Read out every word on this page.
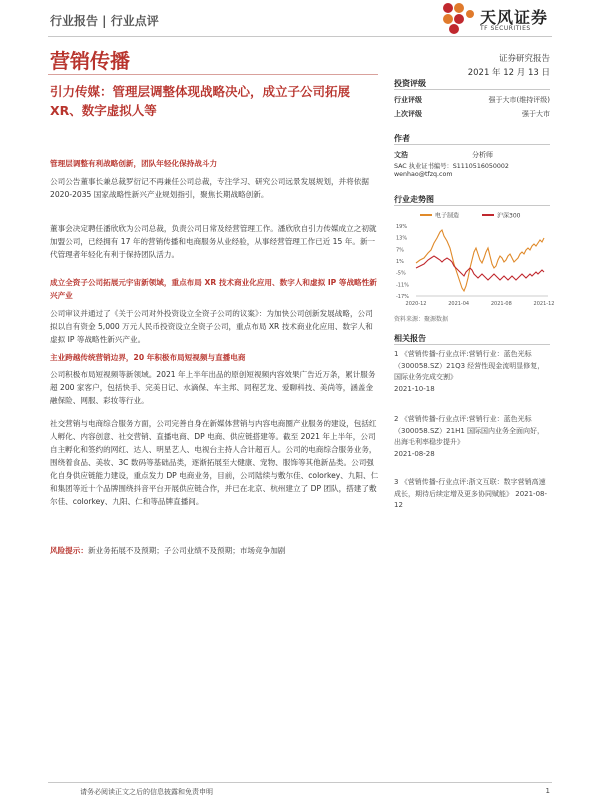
行业报告 | 行业点评	天风证券
TF SECURITIES
营销传播	证券研究报告
2021 年 12 月 13 日
引力传媒：管理层调整体现战略决心，成立子公司拓展 XR、数字虚拟人等
投资评级
行业评级	强于大市(维持评级)
上次评级	强于大市
作者
文浩	分析师
SAC 执业证书编号：S1110516050002
wenhao@tfzq.com
行业走势图
电子制造	沪深300
19%
13%
7%
1%
-5%
-11%
-17%
2020-12	2021-04	2021-08	2021-12
资料来源：聚源数据
相关报告
1 《营销传播-行业点评:营销行业：蓝色光标（300058.SZ）21Q3 经营性现金流明显修复，国际业务完成交割》
2021-10-18
2 《营销传播-行业点评:营销行业：蓝色光标（300058.SZ）21H1 国际国内业务全面向好，出海毛利率稳步提升》
2021-08-28
3 《营销传播-行业点评:浙文互联：数字营销高速成长，期待后续定增及更多协同赋能》 2021-08-12
管理层调整有利战略创新，团队年轻化保持战斗力

公司公告董事长兼总裁罗衍记不再兼任公司总裁，专注学习、研究公司远景发展规划，并将依据 2020-2035 国家战略性新兴产业规划指引，聚焦长期战略创新。

董事会决定聘任潘欣欣为公司总裁，负责公司日常及经营管理工作。潘欣欣自引力传媒成立之初就加盟公司，已经拥有 17 年的营销传播和电商服务从业经验，从事经营管理工作已近 15 年。新一代管理者年轻化有利于保持团队活力。

成立全资子公司拓展元宇宙新领域，重点布局 XR 技术商业化应用、数字人和虚拟 IP 等战略性新兴产业

公司审议并通过了《关于公司对外投资设立全资子公司的议案》：为加快公司创新发展战略，公司拟以自有资金 5,000 万元人民币投资设立全资子公司，重点布局 XR 技术商业化应用、数字人和虚拟 IP 等战略性新兴产业。

主业跨越传统营销边界，20 年积极布局短视频与直播电商

公司积极布局短视频等新领域。2021 年上半年出品的原创短视频内容效果广告近万条，累计服务超 200 家客户，包括快手、完美日记、水滴保、车主邦、同程艺龙、爱聊科技、美尚等，涵盖金融保险、网服、彩妆等行业。

社交营销与电商综合服务方面，公司完善自身在新媒体营销与内容电商圈产业服务的建设，包括红人孵化、内容创意、社交营销、直播电商、DP 电商、供应链搭建等。截至 2021 年上半年，公司自主孵化和签约的网红、达人、明星艺人、电视台主持人合计超百人。公司的电商综合服务业务，围绕着食品、美妆、3C 数码等基础品类，逐渐拓展至大健康、宠物、服饰等其他新品类。公司强化自身供应链能力建设，重点发力 DP 电商业务，目前，公司陆续与敷尔佳、colorkey、九阳、仁和集团等近十个品牌围绕抖音平台开展供应链合作，并已在北京、杭州建立了 DP 团队，搭建了敷尔佳、colorkey、九阳、仁和等品牌直播间。

风险提示：新业务拓展不及预期；子公司业绩不及预期；市场竞争加剧
请务必阅读正文之后的信息披露和免责申明	1
